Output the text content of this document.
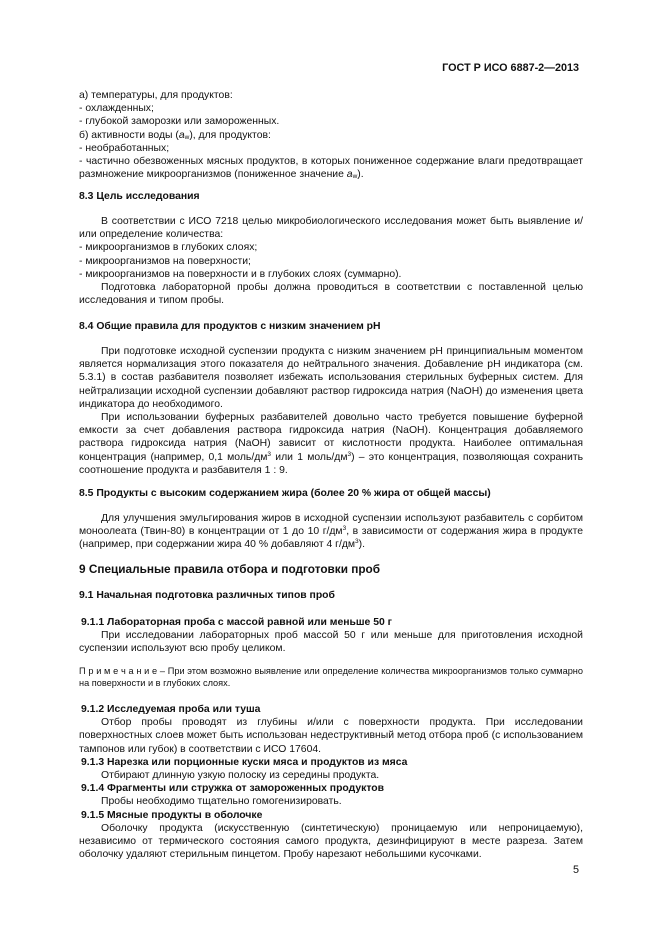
ГОСТ Р ИСО 6887-2—2013

а) температуры, для продуктов:

- охлажденных;

- глубокой заморозки или замороженных.

б) активности воды (aw), для продуктов:

- необработанных;

- частично обезвоженных мясных продуктов, в которых пониженное содержание влаги предотвращает размножение микроорганизмов (пониженное значение aw).

8.3 Цель исследования

В соответствии с ИСО 7218 целью микробиологического исследования может быть выявление и/или определение количества:

- микроорганизмов в глубоких слоях;

- микроорганизмов на поверхности;

- микроорганизмов на поверхности и в глубоких слоях (суммарно).

Подготовка лабораторной пробы должна проводиться в соответствии с поставленной целью исследования и типом пробы.

8.4 Общие правила для продуктов с низким значением pH

При подготовке исходной суспензии продукта с низким значением pH принципиальным моментом является нормализация этого показателя до нейтрального значения. Добавление pH индикатора (см. 5.3.1) в состав разбавителя позволяет избежать использования стерильных буферных систем. Для нейтрализации исходной суспензии добавляют раствор гидроксида натрия (NaOH) до изменения цвета индикатора до необходимого.

При использовании буферных разбавителей довольно часто требуется повышение буферной емкости за счет добавления раствора гидроксида натрия (NaOH). Концентрация добавляемого раствора гидроксида натрия (NaOH) зависит от кислотности продукта. Наиболее оптимальная концентрация (например, 0,1 моль/$дм^3$ или 1 моль/$дм^3$) – это концентрация, позволяющая сохранить соотношение продукта и разбавителя 1 : 9.

8.5 Продукты с высоким содержанием жира (более 20 % жира от общей массы)

Для улучшения эмульгирования жиров в исходной суспензии используют разбавитель с сорбитом моноолеата (Твин-80) в концентрации от 1 до 10 $г/дм^3$, в зависимости от содержания жира в продукте (например, при содержании жира 40 % добавляют 4 $г/дм^3$).

9 Специальные правила отбора и подготовки проб
9.1 Начальная подготовка различных типов проб
9.1.1 Лабораторная проба с массой равной или меньше 50 г

При исследовании лабораторных проб массой 50 г или меньше для приготовления исходной суспензии используют всю пробу целиком.

П р и м е ч а н и е – При этом возможно выявление или определение количества микроорганизмов только суммарно на поверхности и в глубоких слоях.
9.1.2 Исследуемая проба или туша

Отбор пробы проводят из глубины и/или с поверхности продукта. При исследовании поверхностных слоев может быть использован недеструктивный метод отбора проб (с использованием тампонов или губок) в соответствии с ИСО 17604.

9.1.3 Нарезка или порционные куски мяса и продуктов из мяса

Отбирают длинную узкую полоску из середины продукта.

9.1.4 Фрагменты или стружка от замороженных продуктов

Пробы необходимо тщательно гомогенизировать.

9.1.5 Мясные продукты в оболочке

Оболочку продукта (искусственную (синтетическую) проницаемую или непроницаемую), независимо от термического состояния самого продукта, дезинфицируют в месте разреза. Затем оболочку удаляют стерильным пинцетом. Пробу нарезают небольшими кусочками.

5
